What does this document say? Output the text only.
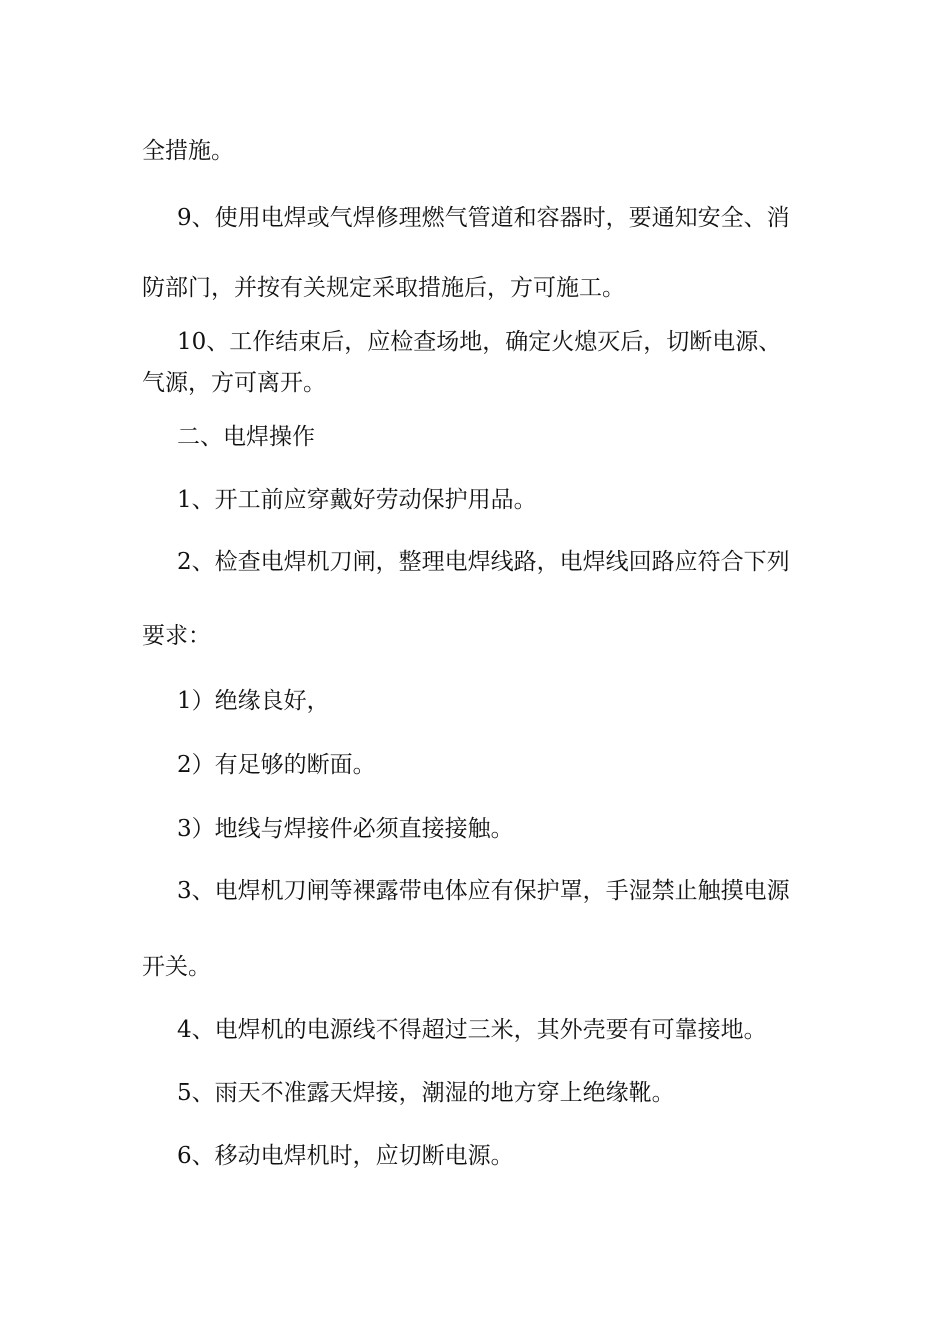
全措施。
9、使用电焊或气焊修理燃气管道和容器时，要通知安全、消
防部门，并按有关规定采取措施后，方可施工。
10、工作结束后，应检查场地，确定火熄灭后，切断电源、
气源，方可离开。
二、电焊操作
1、开工前应穿戴好劳动保护用品。
2、检查电焊机刀闸，整理电焊线路，电焊线回路应符合下列
要求：
1）绝缘良好，
2）有足够的断面。
3）地线与焊接件必须直接接触。
3、电焊机刀闸等裸露带电体应有保护罩，手湿禁止触摸电源
开关。
4、电焊机的电源线不得超过三米，其外壳要有可靠接地。
5、雨天不准露天焊接，潮湿的地方穿上绝缘靴。
6、移动电焊机时，应切断电源。
